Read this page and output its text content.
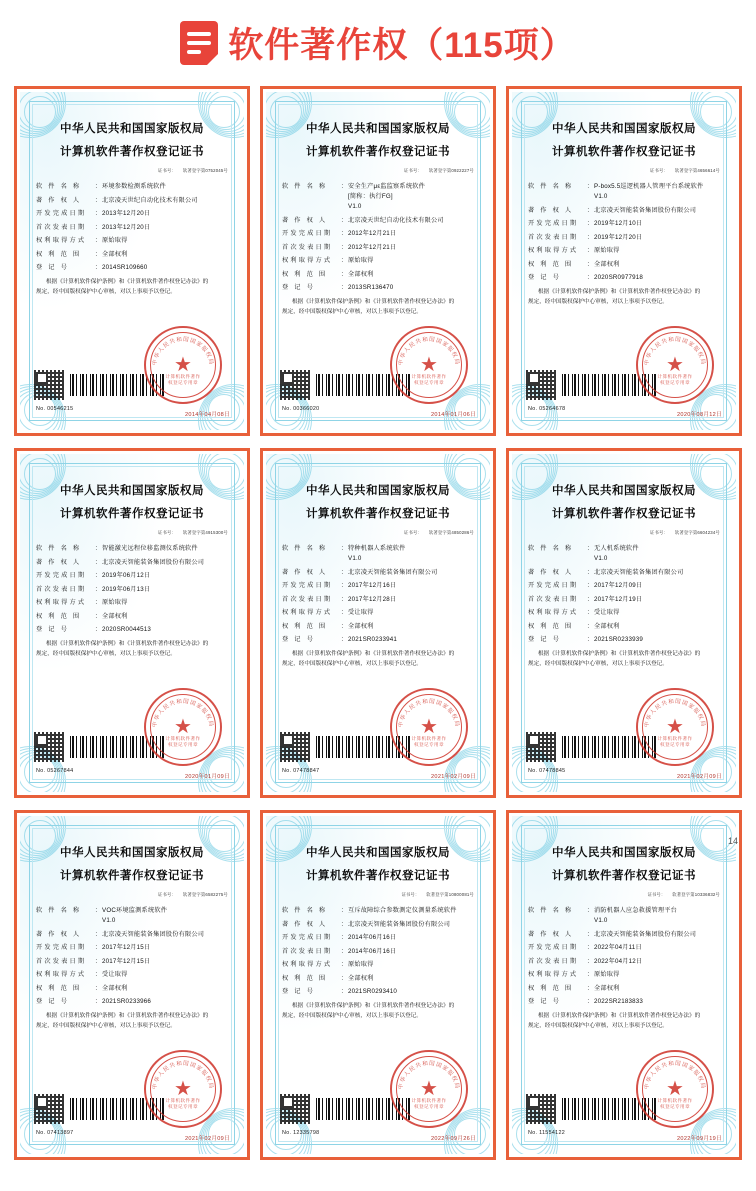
软件著作权（115项）
中华人民共和国国家版权局
计算机软件著作权登记证书
证书号：　　软著登字第0752045号
软 件 名 称	： 环境参数检测系统软件
著 作 权 人	： 北京凌天世纪自动化技术有限公司
开发完成日期	： 2013年12月20日
首次发表日期	： 2013年12月20日
权利取得方式	： 原始取得
权 利 范 围	： 全部权利
登 记 号	： 2014SR109660
根据《计算机软件保护条例》和《计算机软件著作权登记办法》的
规定，经中国版权保护中心审核，对以上事项予以登记。
No. 00546215
2014年04月08日
中华人民共和国国家版权局
★
计算机软件著作
权登记专用章
中华人民共和国国家版权局
计算机软件著作权登记证书
证书号：　　软著登字第0922227号
软 件 名 称	： 安全生产με监监察系统软件
[简称：执行FG]
V1.0
著 作 权 人	： 北京凌天世纪自动化技术有限公司
开发完成日期	： 2012年12月21日
首次发表日期	： 2012年12月21日
权利取得方式	： 原始取得
权 利 范 围	： 全部权利
登 记 号	： 2013SR136470
根据《计算机软件保护条例》和《计算机软件著作权登记办法》的
规定，经中国版权保护中心审核，对以上事项予以登记。
No. 00366020
2014年01月06日
中华人民共和国国家版权局
★
计算机软件著作
权登记专用章
中华人民共和国国家版权局
计算机软件著作权登记证书
证书号：　　软著登字第4656614号
软 件 名 称	： P-box5.5巡逻机器人管理平台系统软件
V1.0
著 作 权 人	： 北京凌天智能装备集团股份有限公司
开发完成日期	： 2019年12月10日
首次发表日期	： 2019年12月20日
权利取得方式	： 原始取得
权 利 范 围	： 全部权利
登 记 号	： 2020SR0977918
根据《计算机软件保护条例》和《计算机软件著作权登记办法》的
规定，经中国版权保护中心审核，对以上事项予以登记。
No. 05264678
2020年08月12日
中华人民共和国国家版权局
★
计算机软件著作
权登记专用章
中华人民共和国国家版权局
计算机软件著作权登记证书
证书号：　　软著登字第4915300号
软 件 名 称	： 智能激光远程位移监测仪系统软件
著 作 权 人	： 北京凌天智能装备集团股份有限公司
开发完成日期	： 2019年06月12日
首次发表日期	： 2019年06月13日
权利取得方式	： 原始取得
权 利 范 围	： 全部权利
登 记 号	： 2020SR0044513
根据《计算机软件保护条例》和《计算机软件著作权登记办法》的
规定，经中国版权保护中心审核，对以上事项予以登记。
No. 05267844
2020年01月09日
中华人民共和国国家版权局
★
计算机软件著作
权登记专用章
中华人民共和国国家版权局
计算机软件著作权登记证书
证书号：　　软著登字第4850286号
软 件 名 称	： 特种机器人系统软件
V1.0
著 作 权 人	： 北京凌天智能装备集团有限公司
开发完成日期	： 2017年12月16日
首次发表日期	： 2017年12月28日
权利取得方式	： 受让取得
权 利 范 围	： 全部权利
登 记 号	： 2021SR0233941
根据《计算机软件保护条例》和《计算机软件著作权登记办法》的
规定，经中国版权保护中心审核，对以上事项予以登记。
No. 07478847
2021年02月09日
中华人民共和国国家版权局
★
计算机软件著作
权登记专用章
中华人民共和国国家版权局
计算机软件著作权登记证书
证书号：　　软著登字第6604234号
软 件 名 称	： 无人机系统软件
V1.0
著 作 权 人	： 北京凌天智能装备集团有限公司
开发完成日期	： 2017年12月09日
首次发表日期	： 2017年12月19日
权利取得方式	： 受让取得
权 利 范 围	： 全部权利
登 记 号	： 2021SR0233939
根据《计算机软件保护条例》和《计算机软件著作权登记办法》的
规定，经中国版权保护中心审核，对以上事项予以登记。
No. 07478845
2021年02月09日
中华人民共和国国家版权局
★
计算机软件著作
权登记专用章
中华人民共和国国家版权局
计算机软件著作权登记证书
证书号：　　软著登字第6582275号
软 件 名 称	： VOC环境监测系统软件
V1.0
著 作 权 人	： 北京凌天智能装备集团股份有限公司
开发完成日期	： 2017年12月15日
首次发表日期	： 2017年12月15日
权利取得方式	： 受让取得
权 利 范 围	： 全部权利
登 记 号	： 2021SR0233966
根据《计算机软件保护条例》和《计算机软件著作权登记办法》的
规定，经中国版权保护中心审核，对以上事项予以登记。
No. 07413897
2021年02月09日
中华人民共和国国家版权局
★
计算机软件著作
权登记专用章
中华人民共和国国家版权局
计算机软件著作权登记证书
证书号：　　软著登字第10800081号
软 件 名 称	： 互斥故障综合参数测定仪测量系统软件
著 作 权 人	： 北京凌天智能装备集团股份有限公司
开发完成日期	： 2014年06月16日
首次发表日期	： 2014年06月16日
权利取得方式	： 原始取得
权 利 范 围	： 全部权利
登 记 号	： 2021SR0293410
根据《计算机软件保护条例》和《计算机软件著作权登记办法》的
规定，经中国版权保护中心审核，对以上事项予以登记。
No. 12335798
2022年09月26日
中华人民共和国国家版权局
★
计算机软件著作
权登记专用章
中华人民共和国国家版权局
计算机软件著作权登记证书
证书号：　　软著登字第10336832号
软 件 名 称	： 消防机器人应急救援管理平台
V1.0
著 作 权 人	： 北京凌天智能装备集团股份有限公司
开发完成日期	： 2022年04月11日
首次发表日期	： 2022年04月12日
权利取得方式	： 原始取得
权 利 范 围	： 全部权利
登 记 号	： 2022SR2183833
根据《计算机软件保护条例》和《计算机软件著作权登记办法》的
规定，经中国版权保护中心审核，对以上事项予以登记。
No. 11554122
2022年09月19日
中华人民共和国国家版权局
★
计算机软件著作
权登记专用章
14
